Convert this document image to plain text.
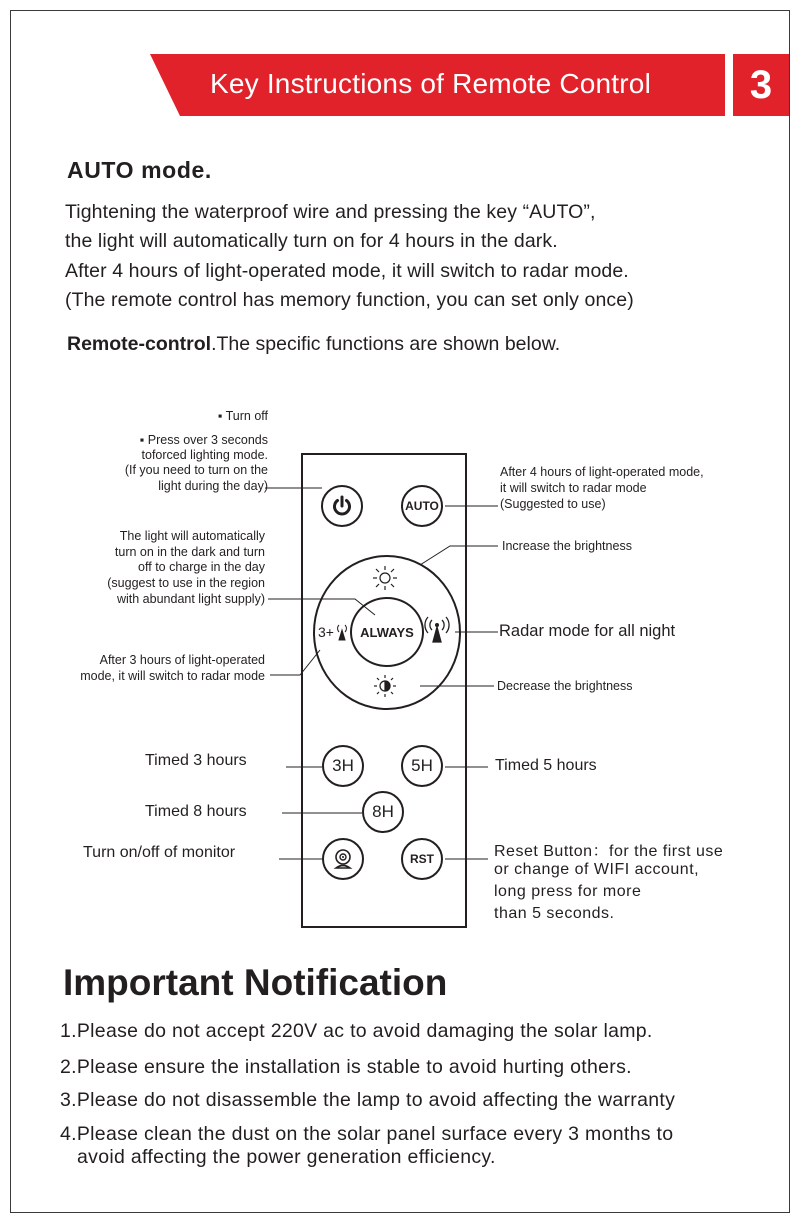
Key Instructions of Remote Control	3
AUTO mode.
Tightening the waterproof wire and pressing the key “AUTO”,
the light will automatically turn on for 4 hours in the dark.
After 4 hours of light-operated mode, it will switch to radar mode.
(The remote control has memory function, you can set only once)
Remote-control.The specific functions are shown below.
AUTO
3+	ALWAYS
3H	5H
8H
RST
▪ Turn off
▪ Press over 3 seconds
toforced lighting mode.
(If you need to turn on the
light during the day)
The light will automatically
turn on in the dark and turn
off to charge in the day
(suggest to use in the region
with abundant light supply)
After 3 hours of light-operated
mode, it will switch to radar mode
Timed 3 hours
Timed 8 hours
Turn on/off of monitor
After 4 hours of light-operated mode,
it will switch to radar mode
(Suggested to use)
Increase the brightness
Radar mode for all night
Decrease the brightness
Timed 5 hours
Reset Button：for the first use
or change of WIFI account,
long press for more
than 5 seconds.
Important Notification
1.Please do not accept 220V ac to avoid damaging the solar lamp.
2.Please ensure the installation is stable to avoid hurting others.
3.Please do not disassemble the lamp to avoid affecting the warranty
4.Please clean the dust on the solar panel surface every 3 months to
avoid affecting the power generation efficiency.
